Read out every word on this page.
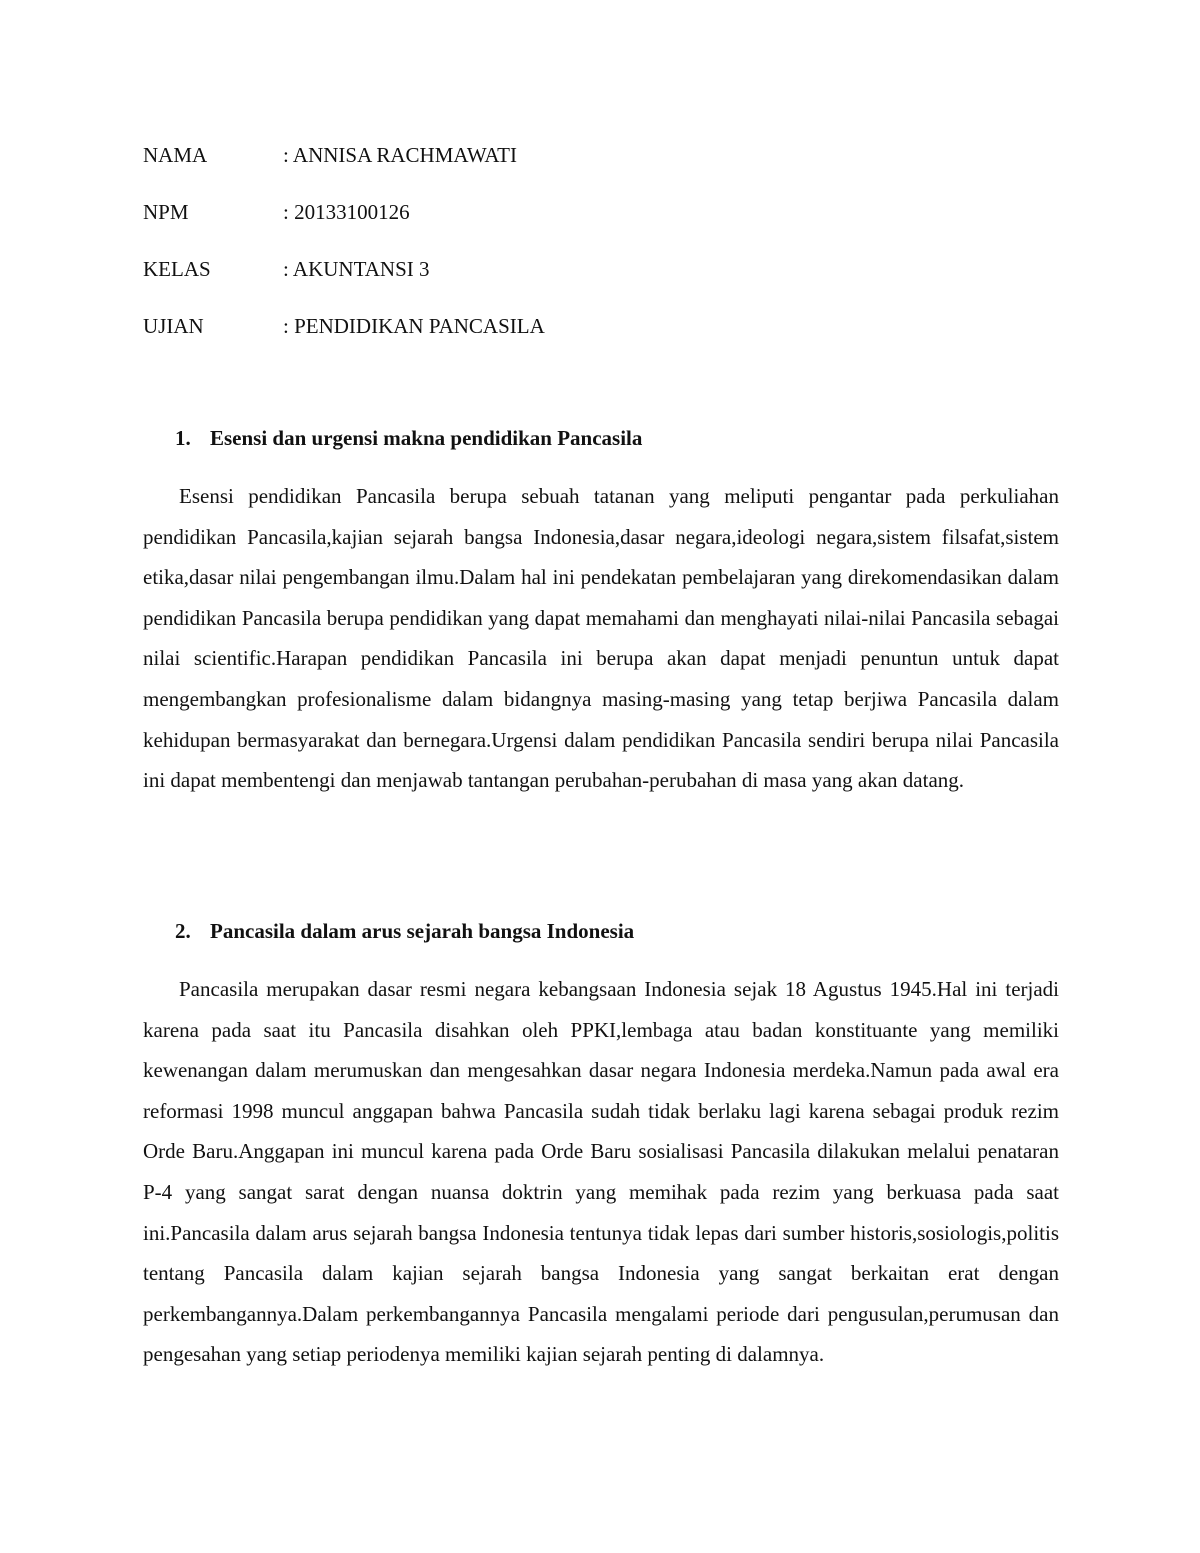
NAMA	: ANNISA RACHMAWATI
NPM	: 20133100126
KELAS	: AKUNTANSI 3
UJIAN	: PENDIDIKAN PANCASILA
1. Esensi dan urgensi makna pendidikan Pancasila

Esensi pendidikan Pancasila berupa sebuah tatanan yang meliputi pengantar pada perkuliahan pendidikan Pancasila,kajian sejarah bangsa Indonesia,dasar negara,ideologi negara,sistem filsafat,sistem etika,dasar nilai pengembangan ilmu.Dalam hal ini pendekatan pembelajaran yang direkomendasikan dalam pendidikan Pancasila berupa pendidikan yang dapat memahami dan menghayati nilai-nilai Pancasila sebagai nilai scientific.Harapan pendidikan Pancasila ini berupa akan dapat menjadi penuntun untuk dapat mengembangkan profesionalisme dalam bidangnya masing-masing yang tetap berjiwa Pancasila dalam kehidupan bermasyarakat dan bernegara.Urgensi dalam pendidikan Pancasila sendiri berupa nilai Pancasila ini dapat membentengi dan menjawab tantangan perubahan-perubahan di masa yang akan datang.

2. Pancasila dalam arus sejarah bangsa Indonesia

Pancasila merupakan dasar resmi negara kebangsaan Indonesia sejak 18 Agustus 1945.Hal ini terjadi karena pada saat itu Pancasila disahkan oleh PPKI,lembaga atau badan konstituante yang memiliki kewenangan dalam merumuskan dan mengesahkan dasar negara Indonesia merdeka.Namun pada awal era reformasi 1998 muncul anggapan bahwa Pancasila sudah tidak berlaku lagi karena sebagai produk rezim Orde Baru.Anggapan ini muncul karena pada Orde Baru sosialisasi Pancasila dilakukan melalui penataran P-4 yang sangat sarat dengan nuansa doktrin yang memihak pada rezim yang berkuasa pada saat ini.Pancasila dalam arus sejarah bangsa Indonesia tentunya tidak lepas dari sumber historis,sosiologis,politis tentang Pancasila dalam kajian sejarah bangsa Indonesia yang sangat berkaitan erat dengan perkembangannya.Dalam perkembangannya Pancasila mengalami periode dari pengusulan,perumusan dan pengesahan yang setiap periodenya memiliki kajian sejarah penting di dalamnya.
